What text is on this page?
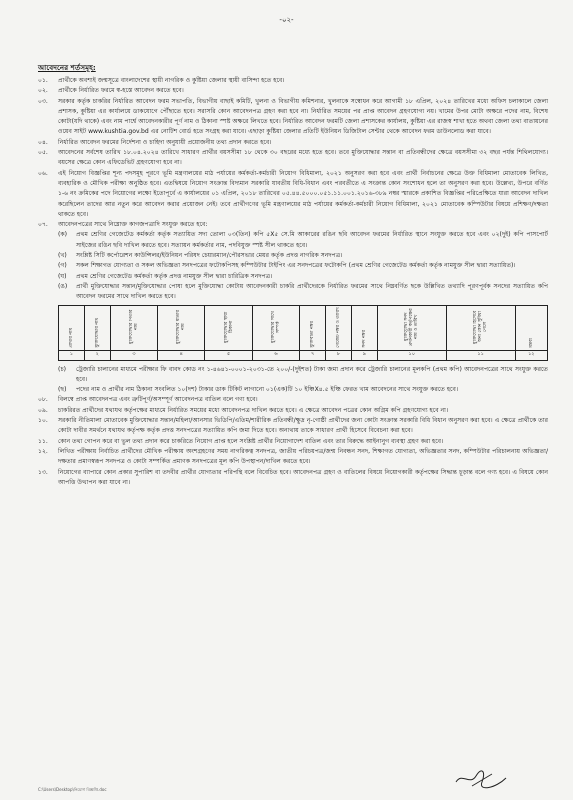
-০২-
আবেদনের শর্তসমূহ:
০১.	প্রার্থীকে অবশ্যই জন্মসূত্রে বাংলাদেশের স্থায়ী নাগরিক ও কুষ্টিয়া জেলার স্থায়ী বাসিন্দা হতে হবে।
০২.	প্রার্থীকে নির্ধারিত ফরমে স্ব-হস্তে আবেদন করতে হবে।
০৩.	সরকার কর্তৃক চাকরির নির্ধারিত আবেদন ফরম সভাপতি, বিভাগীয় বাছাই কমিটি, খুলনা ও বিভাগীয় কমিশনার, খুলনাকে সম্বোধন করে আগামী ১৮ এপ্রিল, ২০২৪ তারিখের মধ্যে অফিস চলাকালে জেলা প্রশাসক, কুষ্টিয়া এর কার্যালয়ে ডাকযোগে পৌঁছাতে হবে। সরাসরি কোন আবেদনপত্র গ্রহণ করা হবে না। নির্ধারিত সময়ের পর প্রাপ্ত আবেদন গ্রহণযোগ্য নয়। খামের উপর মোটা অক্ষরে পদের নাম, বিশেষ কোটা(যদি থাকে) এবং নাম পার্শ্বে আবেদনকারীর পূর্ণ নাম ও ঠিকানা স্পষ্ট অক্ষরে লিখতে হবে। নির্ধারিত আবেদন ফরমটি জেলা প্রশাসকের কার্যালয়, কুষ্টিয়া এর রাজস্ব শাখা হতে অথবা জেলা তথ্য বাতায়নের ওয়েব সাইট www.kushtia.gov.bd এর নোটিশ বোর্ড হতে সংগ্রহ করা যাবে। এছাড়া কুষ্টিয়া জেলার প্রতিটি ইউনিয়ন ডিজিটাল সেন্টার থেকে আবেদন ফরম ডাউনলোড করা যাবে।
০৪.	নির্ধারিত আবেদন ফরমের নির্দেশনা ও চাহিদা অনুযায়ী প্রয়োজনীয় তথ্য প্রদান করতে হবে।
০৫.	আবেদনের সর্বশেষ তারিখ ১৮.০৪.২০২৪ তারিখে সাধারণ প্রার্থীর বয়সসীমা ১৮ থেকে ৩০ বছরের মধ্যে হতে হবে। তবে মুক্তিযোদ্ধার সন্তান বা প্রতিবন্ধীদের ক্ষেত্রে বয়সসীমা ৩২ বছর পর্যন্ত শিথিলযোগ্য। বয়সের ক্ষেত্রে কোন এফিডেভিট গ্রহণযোগ্য হবে না।
০৬.	এই নিয়োগ বিজ্ঞপ্তির শূন্য পদসমূহ পূরণে ভূমি মন্ত্রণালয়ের মাঠ পর্যায়ের কর্মকর্তা-কর্মচারী নিয়োগ বিধিমালা, ২০২১ অনুসরণ করা হবে এবং প্রার্থী নির্বাচনের ক্ষেত্রে উক্ত বিধিমালা মোতাবেক লিখিত, ব্যবহারিক ও মৌখিক পরীক্ষা অনুষ্ঠিত হবে। এতদ্বিষয়ে নিয়োগ সংক্রান্ত বিদ্যমান সরকারি যাবতীয় বিধি-বিধান এবং পরবর্তীতে এ সংক্রান্ত কোন সংশোধন হলে তা অনুসরণ করা হবে। উল্লেখ্য, উপরে বর্ণিত ১-৬ নং ক্রমিকের পদে নিয়োগের লক্ষ্যে ইতোপূর্বে এ কার্যালয়ের ০১ এপ্রিল, ২০১৮ তারিখের ০৫.৪৪.৫০০০.০৫১.১১.০০১.২০১৬-৩৮৯ নম্বর স্মারকে প্রকাশিত বিজ্ঞপ্তির পরিপ্রেক্ষিতে যারা আবেদন দাখিল করেছিলেন তাদের আর নতুন করে আবেদন করার প্রয়োজন নেই। তবে প্রার্থীগণের ভূমি মন্ত্রণালয়ের মাঠ পর্যায়ের কর্মকর্তা-কর্মচারী নিয়োগ বিধিমালা, ২০২১ মোতাবেক কম্পিউটার বিষয়ে প্রশিক্ষণ/দক্ষতা থাকতে হবে।
০৭.	আবেদনপত্রের সাথে নিম্নোক্ত কাগজপত্রাদি সংযুক্ত করতে হবে:
(ক)	প্রথম শ্রেণির গেজেটেড কর্মকর্তা কর্তৃক সত্যায়িত সদ্য তোলা ০৩(তিন) কপি ৫X৫ সে.মি আকারের রঙিন ছবি আবেদন ফরমের নির্ধারিত স্থানে সংযুক্ত করতে হবে এবং ০২(দুই) কপি পাসপোর্ট সাইজের রঙিন ছবি দাখিল করতে হবে। সত্যায়ন কর্মকর্তার নাম, পদবিযুক্ত স্পষ্ট সীল থাকতে হবে।
(খ)	সংশ্লিষ্ট সিটি কর্পোরেশন কাউন্সিলর/ইউনিয়ন পরিষদ চেয়ারম্যান/পৌরসভার মেয়র কর্তৃক প্রদত্ত নাগরিক সনদপত্র।
(গ)	সকল শিক্ষাগত যোগ্যতা ও সকল অভিজ্ঞতা সনদপত্রের ফটোকপিসহ কম্পিউটার টাইপিং এর সনদপত্রের ফটোকপি (প্রথম শ্রেণির গেজেটেড কর্মকর্তা কর্তৃক নামযুক্ত সীল দ্বারা সত্যায়িত)।
(ঘ)	প্রথম শ্রেণির গেজেটেড কর্মকর্তা কর্তৃক প্রদত্ত নামযুক্ত সীল দ্বারা চারিত্রিক সনদপত্র।
(ঙ)	প্রার্থী মুক্তিযোদ্ধার সন্তান/মুক্তিযোদ্ধার পোষ্য হলে মুক্তিযোদ্ধা কোটায় আবেদনকারী চাকরি প্রার্থীদেরকে নির্ধারিত ফরমের সাথে নিম্নবর্ণিত ছকে উল্লিখিত তথ্যাদি পূরণপূর্বক সনদের সত্যায়িত কপি আবেদন ফরমের সাথে দাখিল করতে হবে।
প্রার্থীর নাম	মুক্তিযোদ্ধার নাম	মুক্তিযোদ্ধার পিতার নাম	মুক্তিযোদ্ধার মাতার নাম	মুক্তিযোদ্ধার স্থায়ী ঠিকানা	মুক্তিযোদ্ধার সাথে সম্পর্ক	মুক্তিবার্তা নম্বর	গেজেট নম্বর ও তারিখ	সনদ নম্বর	মুক্তিযোদ্ধা সনদ প্রদানকারী কর্তৃপক্ষের নাম ও তারিখ	মুক্তিযোদ্ধা হিসেবে অন্য কোন সুবিধা পেলে	মন্তব্য
১	২	৩	৪	৫	৬	৭	৮	৯	১০	১১	১২
(চ)	ট্রেজারি চালানের মাধ্যমে পরীক্ষার ফি বাবদ কোড নং ১-৪৬৪১-০০০১-২০৩১-তে ২০০/-(দুইশত) টাকা জমা প্রদান করে ট্রেজারি চালানের মূলকপি (প্রথম কপি) আবেদনপত্রের সাথে সংযুক্ত করতে হবে।
(ছ)	পদের নাম ও প্রার্থীর নাম ঠিকানা সংবলিত ১০(দশ) টাকার ডাক টিকিট লাগানো ০১(এক)টি ১০ ইঞ্চিX৪.৫ ইঞ্চি ফেরত খাম আবেদনের সাথে সংযুক্ত করতে হবে।
০৮.	বিলম্বে প্রাপ্ত আবেদনপত্র এবং ত্রুটিপূর্ণ/অসম্পূর্ণ আবেদনপত্র বাতিল বলে গণ্য হবে।
০৯.	চাকরিরত প্রার্থীদের যথাযথ কর্তৃপক্ষের মাধ্যমে নির্ধারিত সময়ের মধ্যে আবেদনপত্র দাখিল করতে হবে। এ ক্ষেত্রে আবেদন পত্রের কোন অগ্রিম কপি গ্রহণযোগ্য হবে না।
১০.	সরকারি নীতিমালা মোতাবেক মুক্তিযোদ্ধার সন্তান/মহিলা/আনসার ভিডিপি/এতিম/শারীরিক প্রতিবন্ধী/ক্ষুদ্র নৃ-গোষ্ঠী প্রার্থীদের জন্য কোটা সংক্রান্ত সরকারি বিধি বিধান অনুসরণ করা হবে। এ ক্ষেত্রে প্রার্থীকে তার কোটা দাবীর সমর্থনে যথাযথ কর্তৃপক্ষ কর্তৃক প্রদত্ত সনদপত্রের সত্যায়িত কপি জমা দিতে হবে। অন্যথায় তাকে সাধারণ প্রার্থী হিসেবে বিবেচনা করা হবে।
১১.	কোন তথ্য গোপন করে বা ভুল তথ্য প্রদান করে চাকরিতে নিয়োগ প্রাপ্ত হলে সংশ্লিষ্ট প্রার্থীর নিয়োগাদেশ বাতিল এবং তার বিরুদ্ধে আইনানুগ ব্যবস্থা গ্রহণ করা হবে।
১২.	লিখিত পরীক্ষায় নির্বাচিত প্রার্থীদের মৌখিক পরীক্ষায় অংশগ্রহণের সময় নাগরিকত্ব সনদপত্র, জাতীয় পরিচয়পত্র/জন্ম নিবন্ধন সনদ, শিক্ষাগত যোগ্যতা, অভিজ্ঞতার সনদ, কম্পিউটার পরিচালনায় অভিজ্ঞতা/দক্ষতার প্রমাণস্বরূপ সনদপত্র ও কোটা সম্পর্কিত প্রমাণক সনদপত্রের মূল কপি উপস্থাপন/দাখিল করতে হবে।
১৩.	নিয়োগের ব্যাপারে কোন প্রকার সুপারিশ বা তদবীর প্রার্থীর যোগ্যতার পরিপন্থি বলে বিবেচিত হবে। আবেদনপত্র গ্রহণ ও বাতিলের বিষয়ে নিয়োগকারী কর্তৃপক্ষের সিদ্ধান্ত চূড়ান্ত বলে গণ্য হবে। এ বিষয়ে কোন আপত্তি উত্থাপন করা যাবে না।
C:\Users\Desktop\নিয়োগ বিজ্ঞপ্তি.doc
